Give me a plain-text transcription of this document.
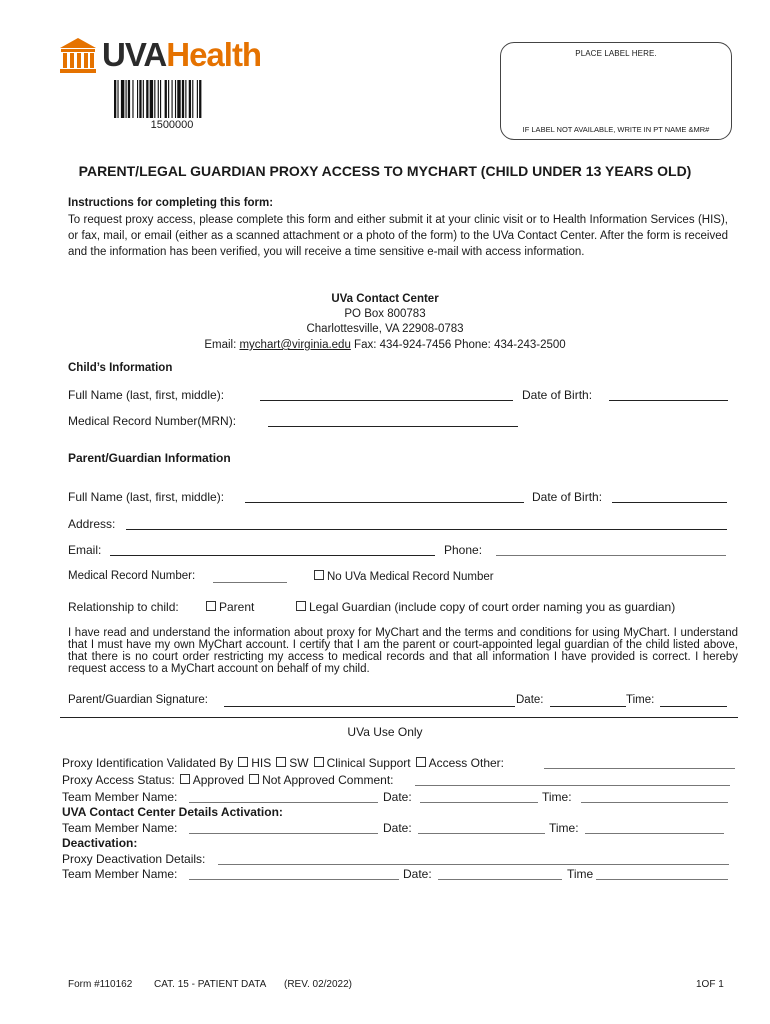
UVA Health
1500000
PLACE LABEL HERE.
IF LABEL NOT AVAILABLE, WRITE IN PT NAME &MR#
PARENT/LEGAL GUARDIAN PROXY ACCESS TO MYCHART (CHILD UNDER 13 YEARS OLD)
Instructions for completing this form:
To request proxy access, please complete this form and either submit it at your clinic visit or to Health Information Services (HIS), or fax, mail, or email (either as a scanned attachment or a photo of the form) to the UVa Contact Center. After the form is received and the information has been verified, you will receive a time sensitive e-mail with access information.
UVa Contact Center
PO Box 800783
Charlottesville, VA 22908-0783
Email: mychart@virginia.edu Fax: 434-924-7456 Phone: 434-243-2500
Child’s Information
Full Name (last, first, middle):	Date of Birth:
Medical Record Number(MRN):
Parent/Guardian Information
Full Name (last, first, middle):	Date of Birth:
Address:
Email:	Phone:
Medical Record Number:	No UVa Medical Record Number
Relationship to child:	Parent	Legal Guardian (include copy of court order naming you as guardian)
I have read and understand the information about proxy for MyChart and the terms and conditions for using MyChart. I understand that I must have my own MyChart account. I certify that I am the parent or court-appointed legal guardian of the child listed above, that there is no court order restricting my access to medical records and that all information I have provided is correct. I hereby request access to a MyChart account on behalf of my child.
Parent/Guardian Signature:	Date:	Time:
UVa Use Only
Proxy Identification Validated By HIS SW Clinical Support Access Other:
Proxy Access Status: Approved Not Approved Comment:
Team Member Name:	Date:	Time:
UVA Contact Center Details Activation:
Team Member Name:	Date:	Time:
Deactivation:
Proxy Deactivation Details:
Team Member Name:	Date:	Time
Form #110162 CAT. 15 - PATIENT DATA (REV. 02/2022)	1OF 1
